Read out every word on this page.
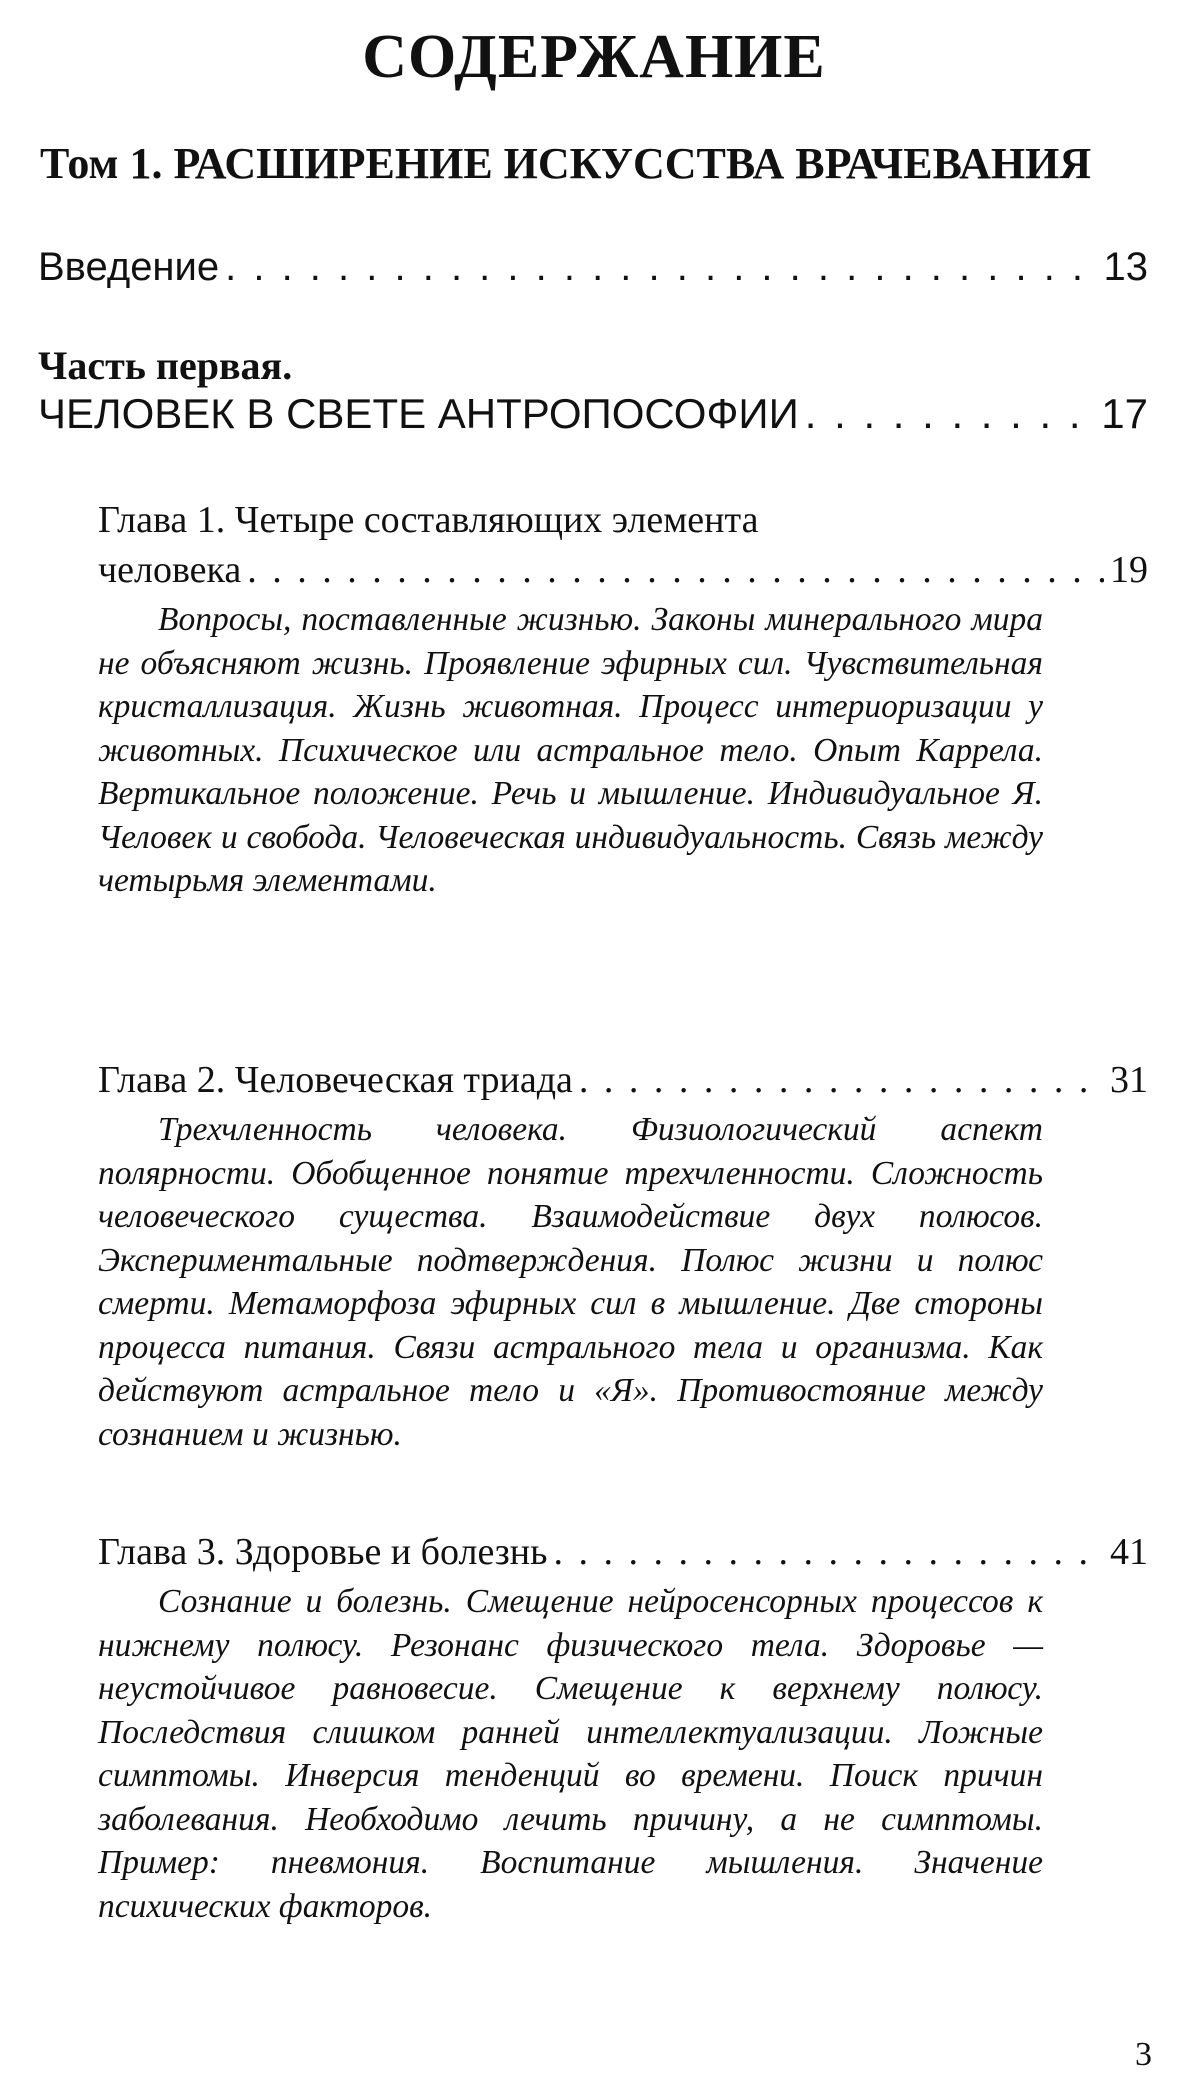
СОДЕРЖАНИЕ
Том 1. РАСШИРЕНИЕ ИСКУССТВА ВРАЧЕВАНИЯ
Введение . . .	13
Часть первая.
ЧЕЛОВЕК В СВЕТЕ АНТРОПОСОФИИ . . .	17
Глава 1. Четыре составляющих элемента
человека . . .	19
Вопросы, поставленные жизнью. Законы минерального мира не объясняют жизнь. Проявление эфирных сил. Чувствительная кристаллизация. Жизнь животная. Процесс интериоризации у животных. Психическое или астральное тело. Опыт Каррела. Вертикальное положение. Речь и мышление. Индивидуальное Я. Человек и свобода. Человеческая индивидуальность. Связь между четырьмя элементами.
Глава 2. Человеческая триада . . .	31
Трехчленность человека. Физиологический аспект полярности. Обобщенное понятие трехчленности. Сложность человеческого существа. Взаимодействие двух полюсов. Экспериментальные подтверждения. Полюс жизни и полюс смерти. Метаморфоза эфирных сил в мышление. Две стороны процесса питания. Связи астрального тела и организма. Как действуют астральное тело и «Я». Противостояние между сознанием и жизнью.
Глава 3. Здоровье и болезнь . . .	41
Сознание и болезнь. Смещение нейросенсорных процессов к нижнему полюсу. Резонанс физического тела. Здоровье — неустойчивое равновесие. Смещение к верхнему полюсу. Последствия слишком ранней интеллектуализации. Ложные симптомы. Инверсия тенденций во времени. Поиск причин заболевания. Необходимо лечить причину, а не симптомы. Пример: пневмония. Воспитание мышления. Значение психических факторов.
3
